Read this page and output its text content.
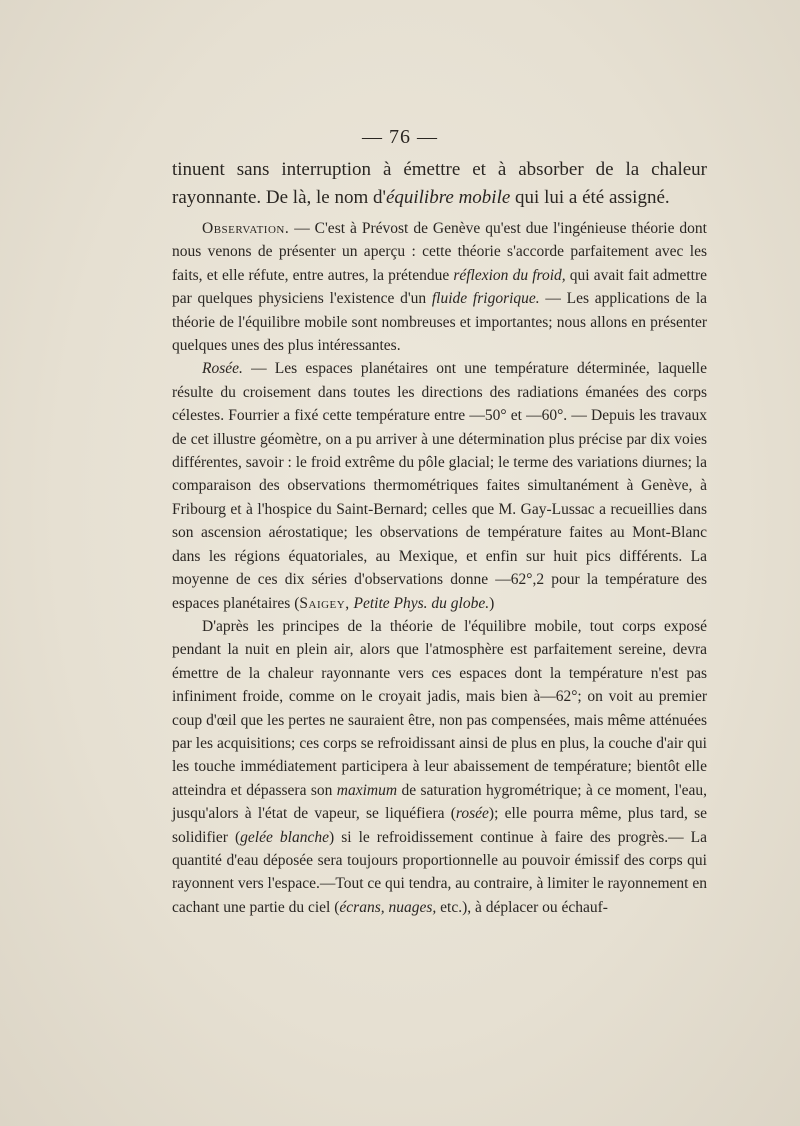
— 76 —

tinuent sans interruption à émettre et à absorber de la chaleur rayonnante. De là, le nom d'équilibre mobile qui lui a été assigné.

Observation. — C'est à Prévost de Genève qu'est due l'ingénieuse théorie dont nous venons de présenter un aperçu : cette théorie s'accorde parfaitement avec les faits, et elle réfute, entre autres, la prétendue réflexion du froid, qui avait fait admettre par quelques physiciens l'existence d'un fluide frigorique. — Les applications de la théorie de l'équilibre mobile sont nombreuses et importantes; nous allons en présenter quelques unes des plus intéressantes.

Rosée. — Les espaces planétaires ont une température déterminée, laquelle résulte du croisement dans toutes les directions des radiations émanées des corps célestes. Fourrier a fixé cette température entre —50° et —60°. — Depuis les travaux de cet illustre géomètre, on a pu arriver à une détermination plus précise par dix voies différentes, savoir : le froid extrême du pôle glacial; le terme des variations diurnes; la comparaison des observations thermométriques faites simultanément à Genève, à Fribourg et à l'hospice du Saint-Bernard; celles que M. Gay-Lussac a recueillies dans son ascension aérostatique; les observations de température faites au Mont-Blanc dans les régions équatoriales, au Mexique, et enfin sur huit pics différents. La moyenne de ces dix séries d'observations donne —62°,2 pour la température des espaces planétaires (Saigey, Petite Phys. du globe.)

D'après les principes de la théorie de l'équilibre mobile, tout corps exposé pendant la nuit en plein air, alors que l'atmosphère est parfaitement sereine, devra émettre de la chaleur rayonnante vers ces espaces dont la température n'est pas infiniment froide, comme on le croyait jadis, mais bien à—62°; on voit au premier coup d'œil que les pertes ne sauraient être, non pas compensées, mais même atténuées par les acquisitions; ces corps se refroidissant ainsi de plus en plus, la couche d'air qui les touche immédiatement participera à leur abaissement de température; bientôt elle atteindra et dépassera son maximum de saturation hygrométrique; à ce moment, l'eau, jusqu'alors à l'état de vapeur, se liquéfiera (rosée); elle pourra même, plus tard, se solidifier (gelée blanche) si le refroidissement continue à faire des progrès.— La quantité d'eau déposée sera toujours proportionnelle au pouvoir émissif des corps qui rayonnent vers l'espace.—Tout ce qui tendra, au contraire, à limiter le rayonnement en cachant une partie du ciel (écrans, nuages, etc.), à déplacer ou échauf-
